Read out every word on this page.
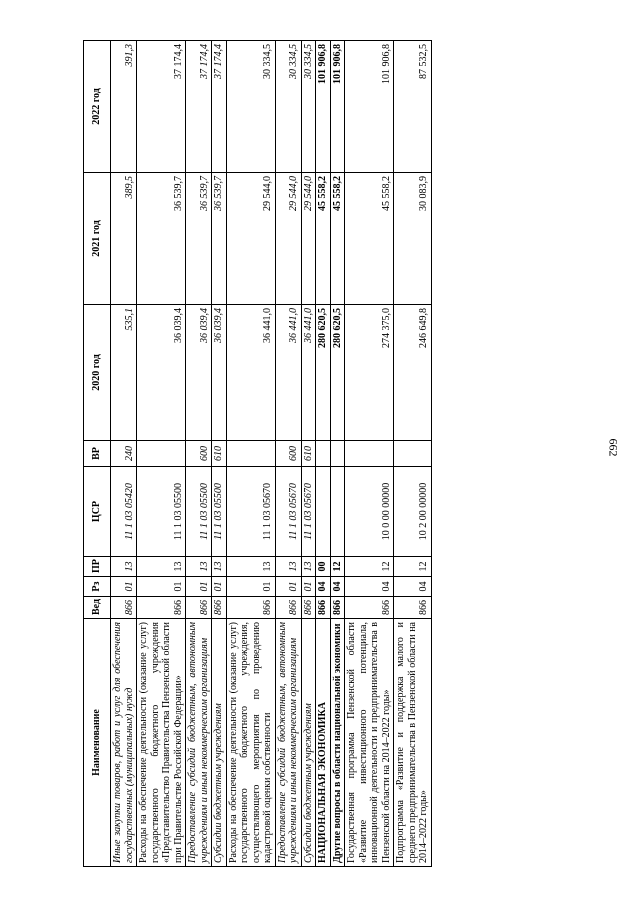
662
Наименование	Вед	Рз	ПР	ЦСР	ВР	2020 год	2021 год	2022 год
Иные закупки товаров, работ и услуг для обеспечения государственных (муниципальных) нужд	866	01	13	11 1 03 05420	240	535,1	389,5	391,3
Расходы на обеспечение деятельности (оказание услуг) государственного бюджетного учреждения «Представительство Правительства Пензенской области при Правительстве Российской Федерации»	866	01	13	11 1 03 05500		36 039,4	36 539,7	37 174,4
Предоставление субсидий бюджетным, автономным учреждениям и иным некоммерческим организациям	866	01	13	11 1 03 05500	600	36 039,4	36 539,7	37 174,4
Субсидии бюджетным учреждениям	866	01	13	11 1 03 05500	610	36 039,4	36 539,7	37 174,4
Расходы на обеспечение деятельности (оказание услуг) государственного бюджетного учреждения, осуществляющего мероприятия по проведению кадастровой оценки собственности	866	01	13	11 1 03 05670		36 441,0	29 544,0	30 334,5
Предоставление субсидий бюджетным, автономным учреждениям и иным некоммерческим организациям	866	01	13	11 1 03 05670	600	36 441,0	29 544,0	30 334,5
Субсидии бюджетным учреждениям	866	01	13	11 1 03 05670	610	36 441,0	29 544,0	30 334,5
НАЦИОНАЛЬНАЯ ЭКОНОМИКА	866	04	00			280 620,5	45 558,2	101 906,8
Другие вопросы в области национальной экономики	866	04	12			280 620,5	45 558,2	101 906,8
Государственная программа Пензенской области «Развитие инвестиционного потенциала, инновационной деятельности и предпринимательства в Пензенской области на 2014–2022 годы»	866	04	12	10 0 00 00000		274 375,0	45 558,2	101 906,8
Подпрограмма «Развитие и поддержка малого и среднего предпринимательства в Пензенской области на 2014–2022 годы»	866	04	12	10 2 00 00000		246 649,8	30 083,9	87 532,5
